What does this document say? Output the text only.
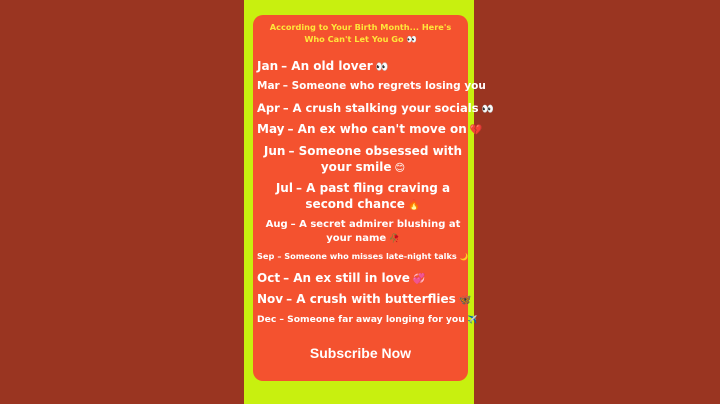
According to Your Birth Month... Here's Who Can't Let You Go 👀
Jan – An old lover 👀
Mar – Someone who regrets losing you
Apr – A crush stalking your socials 👀
May – An ex who can't move on 💔
Jun – Someone obsessed with your smile 😊
Jul – A past fling craving a second chance 🔥
Aug – A secret admirer blushing at your name 🥀
Sep – Someone who misses late-night talks 🌙
Oct – An ex still in love 💞
Nov – A crush with butterflies 🦋
Dec – Someone far away longing for you ✈️
Subscribe Now
